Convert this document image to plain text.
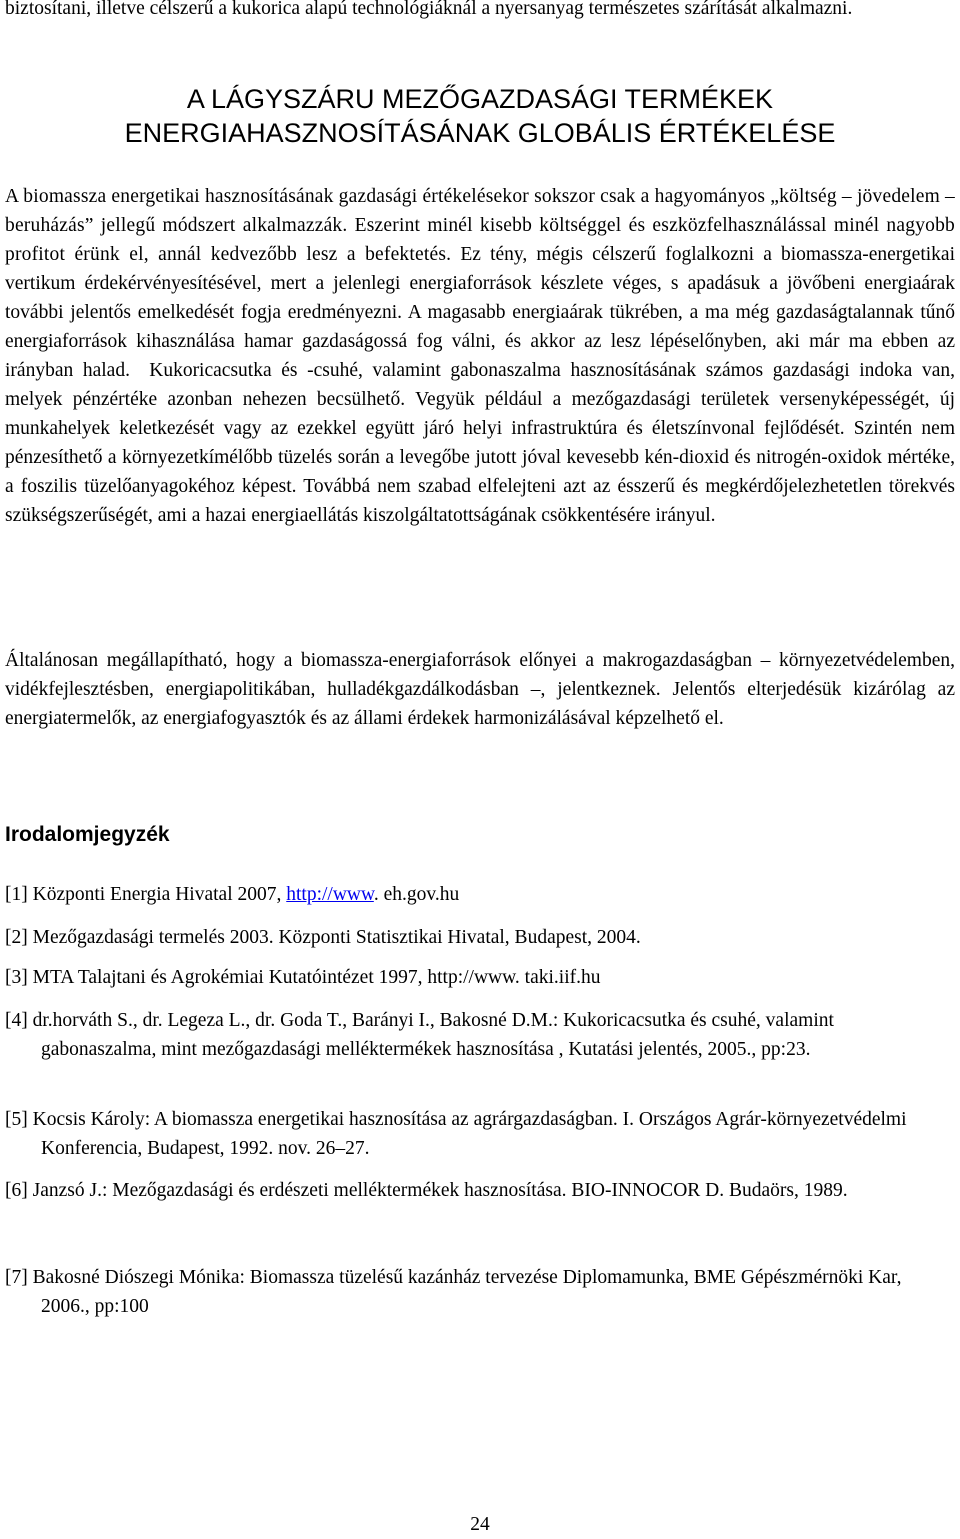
biztosítani, illetve célszerű a kukorica alapú technológiáknál a nyersanyag természetes szárítását alkalmazni.

A LÁGYSZÁRU MEZŐGAZDASÁGI TERMÉKEK
ENERGIAHASZNOSÍTÁSÁNAK GLOBÁLIS ÉRTÉKELÉSE

A biomassza energetikai hasznosításának gazdasági értékelésekor sokszor csak a hagyományos „költség – jövedelem – beruházás” jellegű módszert alkalmazzák. Eszerint minél kisebb költséggel és eszközfelhasználással minél nagyobb profitot érünk el, annál kedvezőbb lesz a befektetés. Ez tény, mégis célszerű foglalkozni a biomassza-energetikai vertikum érdekérvényesítésével, mert a jelenlegi energiaforrások készlete véges, s apadásuk a jövőbeni energiaárak további jelentős emelkedését fogja eredményezni. A magasabb energiaárak tükrében, a ma még gazdaságtalannak tűnő energiaforrások kihasználása hamar gazdaságossá fog válni, és akkor az lesz lépéselőnyben, aki már ma ebben az irányban halad. Kukoricacsutka és -csuhé, valamint gabonaszalma hasznosításának számos gazdasági indoka van, melyek pénzértéke azonban nehezen becsülhető. Vegyük például a mezőgazdasági területek versenyképességét, új munkahelyek keletkezését vagy az ezekkel együtt járó helyi infrastruktúra és életszínvonal fejlődését. Szintén nem pénzesíthető a környezetkímélőbb tüzelés során a levegőbe jutott jóval kevesebb kén-dioxid és nitrogén-oxidok mértéke, a foszilis tüzelőanyagokéhoz képest. Továbbá nem szabad elfelejteni azt az ésszerű és megkérdőjelezhetetlen törekvés szükségszerűségét, ami a hazai energiaellátás kiszolgáltatottságának csökkentésére irányul.

Általánosan megállapítható, hogy a biomassza-energiaforrások előnyei a makrogazdaságban – környezetvédelemben, vidékfejlesztésben, energiapolitikában, hulladékgazdálkodásban –, jelentkeznek. Jelentős elterjedésük kizárólag az energiatermelők, az energiafogyasztók és az állami érdekek harmonizálásával képzelhető el.

Irodalomjegyzék

[1] Központi Energia Hivatal 2007, http://www. eh.gov.hu

[2] Mezőgazdasági termelés 2003. Központi Statisztikai Hivatal, Budapest, 2004.

[3] MTA Talajtani és Agrokémiai Kutatóintézet 1997, http://www. taki.iif.hu

[4] dr.horváth S., dr. Legeza L., dr. Goda T., Barányi I., Bakosné D.M.: Kukoricacsutka és csuhé, valamint gabonaszalma, mint mezőgazdasági melléktermékek hasznosítása , Kutatási jelentés, 2005., pp:23.

[5] Kocsis Károly: A biomassza energetikai hasznosítása az agrárgazdaságban. I. Országos Agrár-környezetvédelmi Konferencia, Budapest, 1992. nov. 26–27.

[6] Janzsó J.: Mezőgazdasági és erdészeti melléktermékek hasznosítása. BIO-INNOCOR D. Budaörs, 1989.

[7] Bakosné Diószegi Mónika: Biomassza tüzelésű kazánház tervezése Diplomamunka, BME Gépészmérnöki Kar, 2006., pp:100

24
